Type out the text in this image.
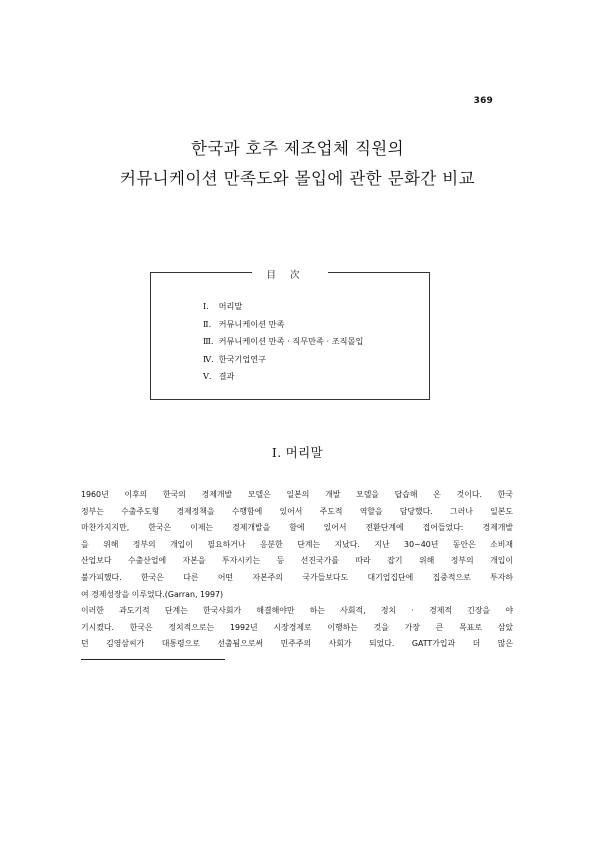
369
한국과 호주 제조업체 직원의
커뮤니케이션 만족도와 몰입에 관한 문화간 비교
目次
Ⅰ. 머리말
Ⅱ. 커뮤니케이션 만족
Ⅲ. 커뮤니케이션 만족 · 직무만족 · 조직몰입
Ⅳ. 한국기업연구
Ⅴ. 결과
Ⅰ. 머리말
1960년 이후의 한국의 경제개발 모델은 일본의 개발 모델을 답습해 온 것이다. 한국
정부는 수출주도형 경제정책을 수행함에 있어서 주도적 역할을 담당했다. 그러나 일본도
마찬가지지만, 한국은 이제는 경제개발을 함에 있어서 전환단계에 접어들었다: 경제개발
을 위해 정부의 개입이 필요하거나 응분한 단계는 지났다. 지난 30~40년 동안은 소비재
산업보다 수출산업에 자본을 투자시키는 등 선진국가를 따라 잡기 위해 정부의 개입이
불가피했다. 한국은 다른 어떤 자본주의 국가들보다도 대기업집단에 집중적으로 투자하
여 경제성장을 이루었다.(Garran, 1997)
이러한 과도기적 단계는 한국사회가 해결해야만 하는 사회적, 정치 · 경제적 긴장을 야
기시켰다. 한국은 정치적으로는 1992년 시장경제로 이행하는 것을 가장 큰 목표로 삼았
던 김영삼씨가 대통령으로 선출됨으로써 민주주의 사회가 되었다. GATT가입과 더 많은
